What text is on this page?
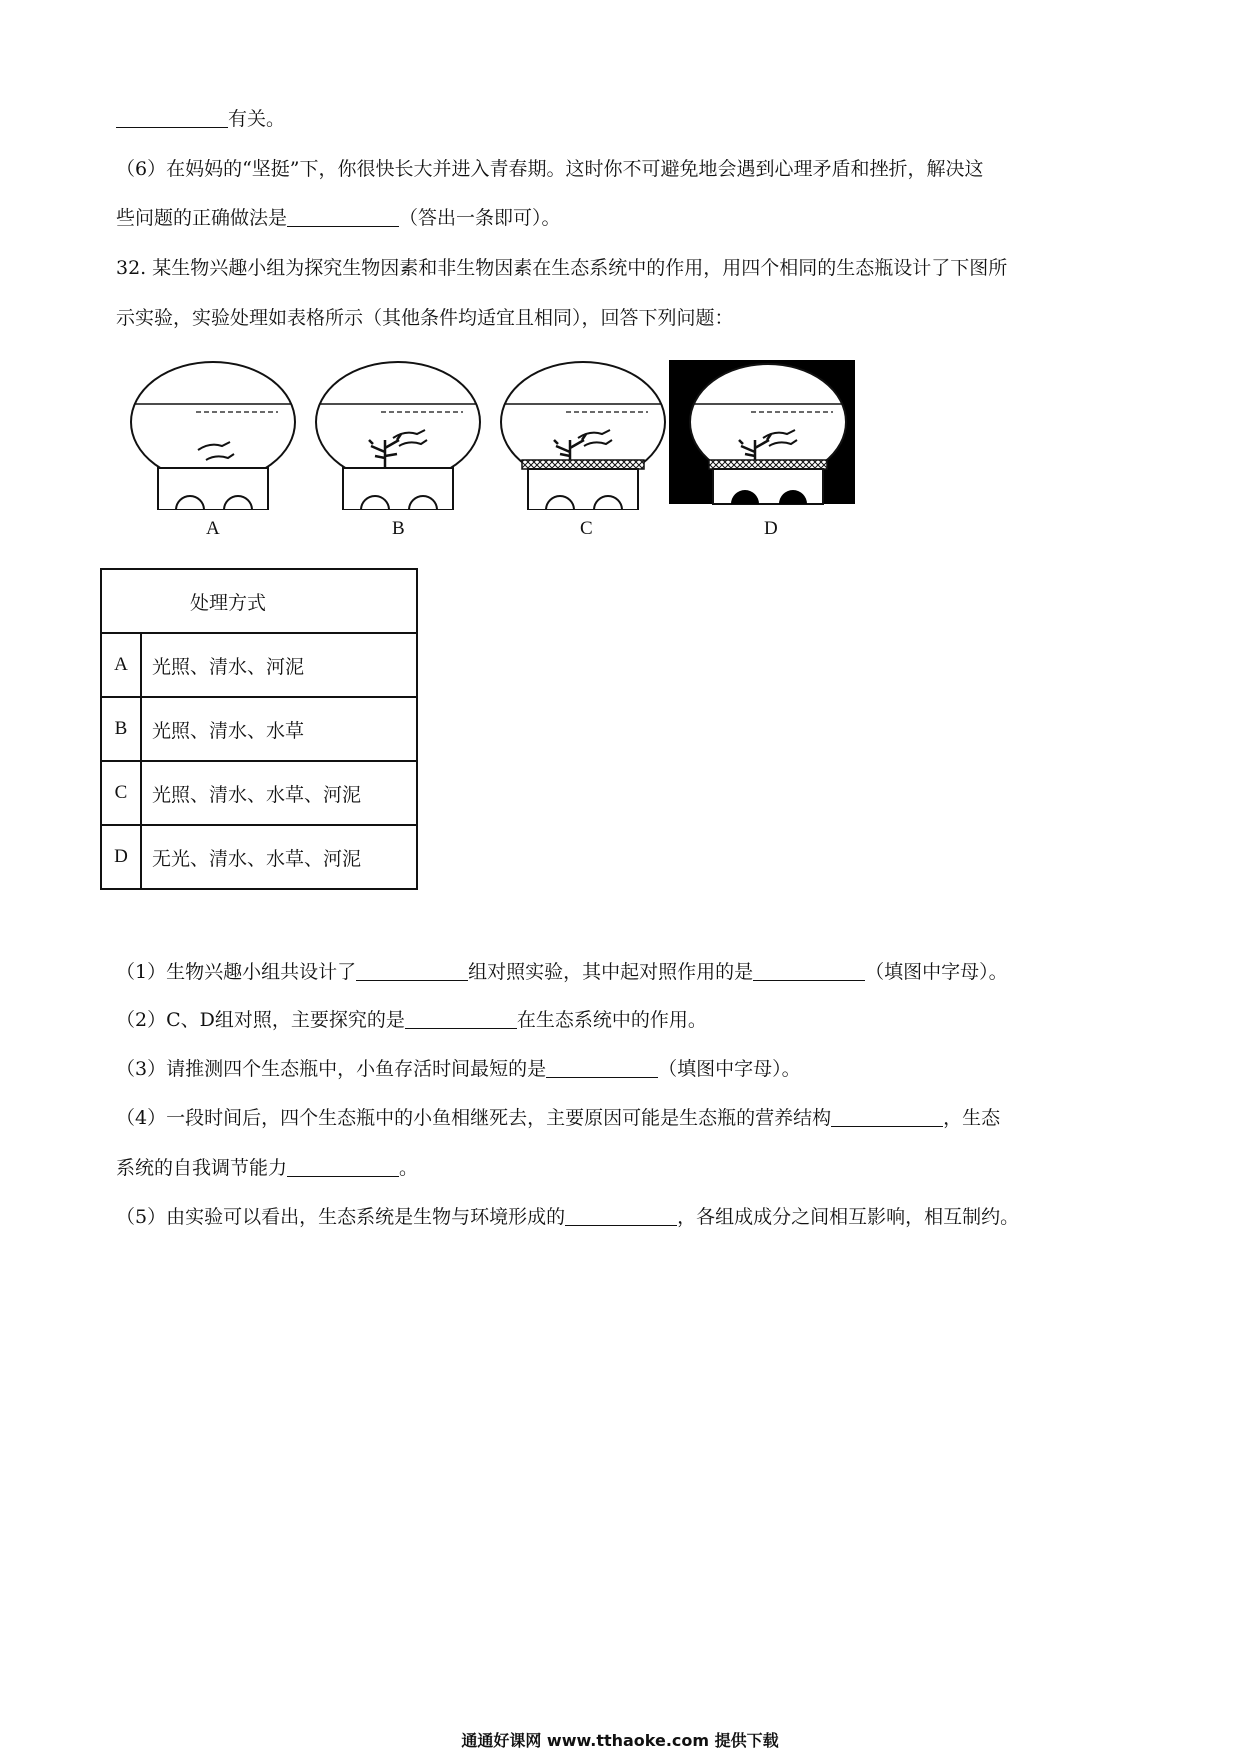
有关。
（6）在妈妈的“坚挺”下，你很快长大并进入青春期。这时你不可避免地会遇到心理矛盾和挫折，解决这
些问题的正确做法是	（答出一条即可）。
32. 某生物兴趣小组为探究生物因素和非生物因素在生态系统中的作用，用四个相同的生态瓶设计了下图所
示实验，实验处理如表格所示（其他条件均适宜且相同），回答下列问题：
A	B	C	D
处理方式	
A	光照、清水、河泥
B	光照、清水、水草
C	光照、清水、水草、河泥
D	无光、清水、水草、河泥
（1）生物兴趣小组共设计了	组对照实验，其中起对照作用的是	（填图中字母）。
（2）C、D组对照，主要探究的是	在生态系统中的作用。
（3）请推测四个生态瓶中，小鱼存活时间最短的是	（填图中字母）。
（4）一段时间后，四个生态瓶中的小鱼相继死去，主要原因可能是生态瓶的营养结构	，生态
系统的自我调节能力	。
（5）由实验可以看出，生态系统是生物与环境形成的	，各组成成分之间相互影响，相互制约。
通通好课网 www.tthaoke.com 提供下载
